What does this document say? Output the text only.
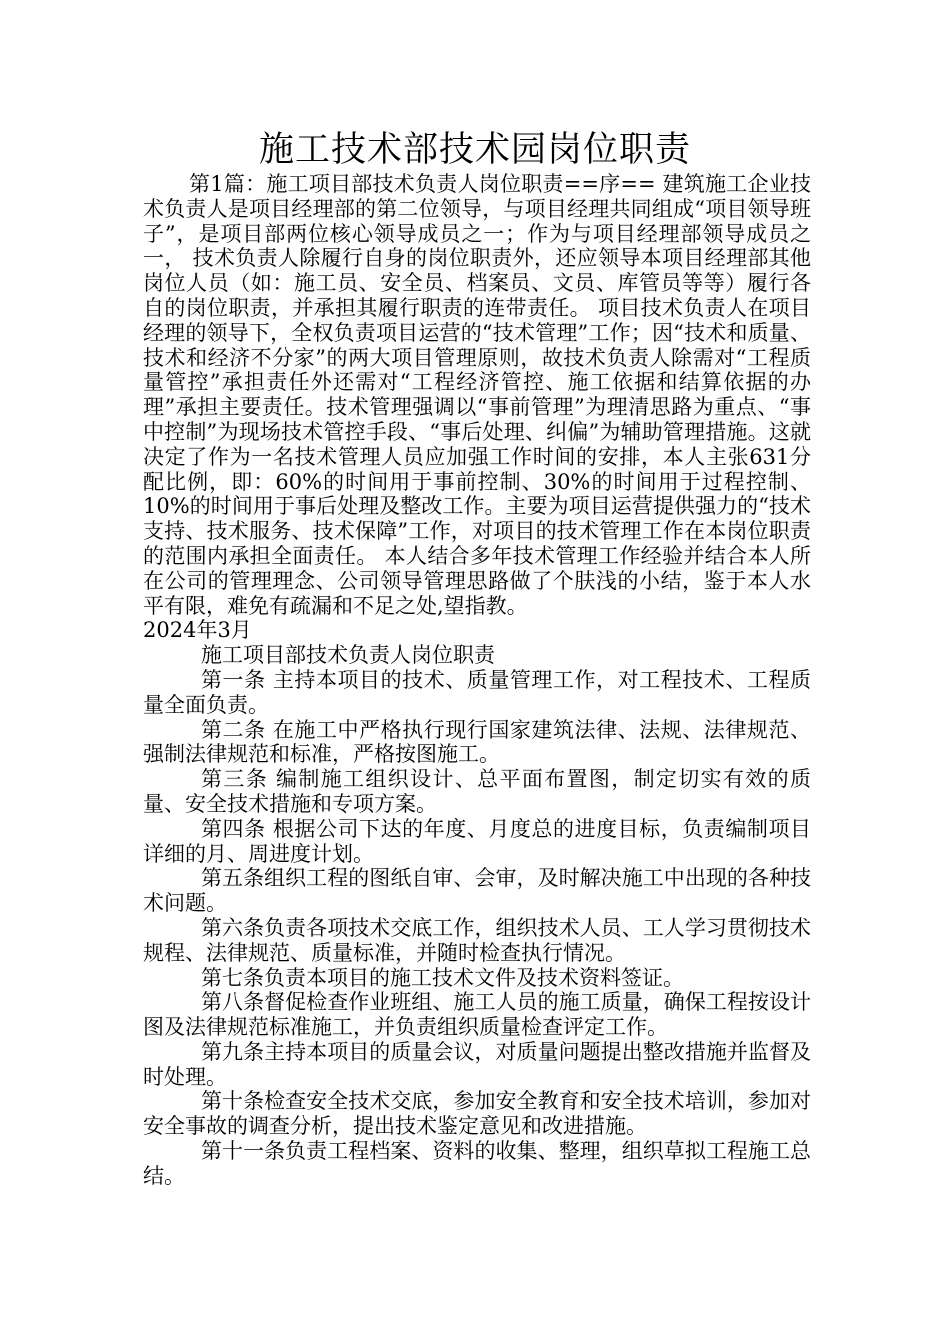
施工技术部技术园岗位职责

第1篇：施工项目部技术负责人岗位职责==序== 建筑施工企业技术负责人是项目经理部的第二位领导，与项目经理共同组成“项目领导班子”，是项目部两位核心领导成员之一；作为与项目经理部领导成员之一， 技术负责人除履行自身的岗位职责外，还应领导本项目经理部其他岗位人员（如：施工员、安全员、档案员、文员、库管员等等）履行各自的岗位职责，并承担其履行职责的连带责任。 项目技术负责人在项目经理的领导下，全权负责项目运营的“技术管理”工作；因“技术和质量、技术和经济不分家”的两大项目管理原则，故技术负责人除需对“工程质量管控”承担责任外还需对“工程经济管控、施工依据和结算依据的办理”承担主要责任。技术管理强调以“事前管理”为理清思路为重点、“事中控制”为现场技术管控手段、“事后处理、纠偏”为辅助管理措施。这就决定了作为一名技术管理人员应加强工作时间的安排，本人主张631分配比例，即：60%的时间用于事前控制、30%的时间用于过程控制、10%的时间用于事后处理及整改工作。主要为项目运营提供强力的“技术支持、技术服务、技术保障”工作，对项目的技术管理工作在本岗位职责的范围内承担全面责任。 本人结合多年技术管理工作经验并结合本人所在公司的管理理念、公司领导管理思路做了个肤浅的小结，鉴于本人水平有限，难免有疏漏和不足之处,望指教。

2024年3月

施工项目部技术负责人岗位职责

第一条 主持本项目的技术、质量管理工作，对工程技术、工程质量全面负责。

第二条 在施工中严格执行现行国家建筑法律、法规、法律规范、强制法律规范和标准，严格按图施工。

第三条 编制施工组织设计、总平面布置图，制定切实有效的质量、安全技术措施和专项方案。

第四条 根据公司下达的年度、月度总的进度目标，负责编制项目详细的月、周进度计划。

第五条组织工程的图纸自审、会审，及时解决施工中出现的各种技术问题。

第六条负责各项技术交底工作，组织技术人员、工人学习贯彻技术规程、法律规范、质量标准，并随时检查执行情况。

第七条负责本项目的施工技术文件及技术资料签证。

第八条督促检查作业班组、施工人员的施工质量，确保工程按设计图及法律规范标准施工，并负责组织质量检查评定工作。

第九条主持本项目的质量会议，对质量问题提出整改措施并监督及时处理。

第十条检查安全技术交底，参加安全教育和安全技术培训，参加对安全事故的调查分析，提出技术鉴定意见和改进措施。

第十一条负责工程档案、资料的收集、整理，组织草拟工程施工总结。
